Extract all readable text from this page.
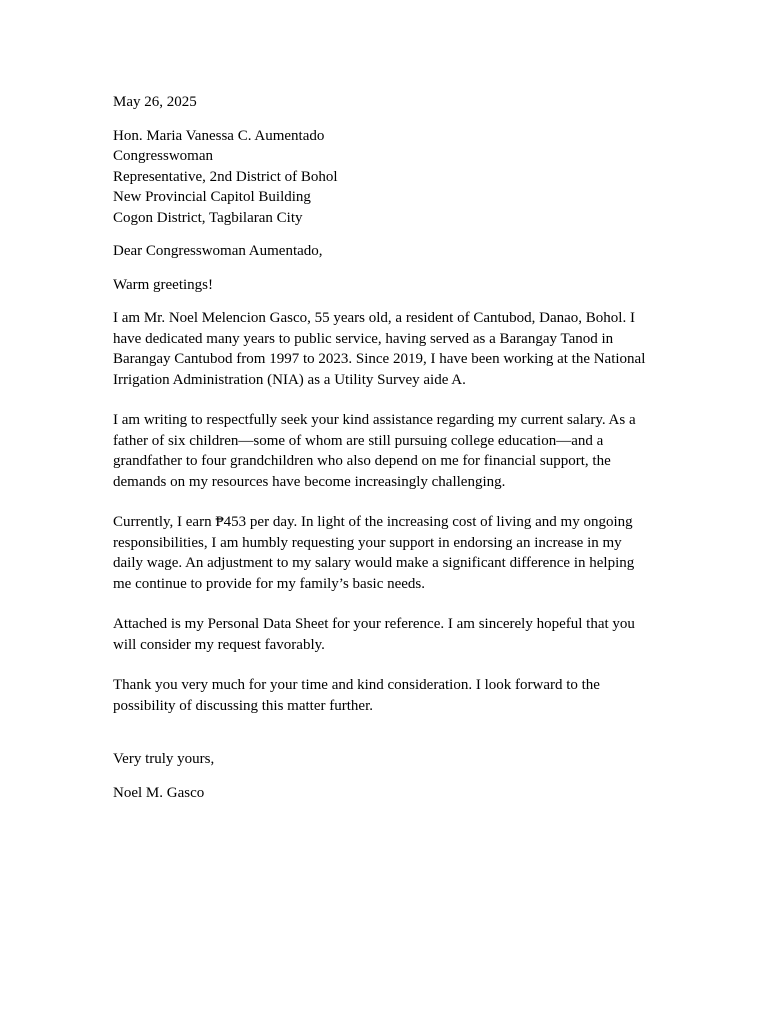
May 26, 2025

Hon. Maria Vanessa C. Aumentado
Congresswoman
Representative, 2nd District of Bohol
New Provincial Capitol Building
Cogon District, Tagbilaran City

Dear Congresswoman Aumentado,

Warm greetings!

I am Mr. Noel Melencion Gasco, 55 years old, a resident of Cantubod, Danao, Bohol. I have dedicated many years to public service, having served as a Barangay Tanod in Barangay Cantubod from 1997 to 2023. Since 2019, I have been working at the National Irrigation Administration (NIA) as a Utility Survey aide A.

I am writing to respectfully seek your kind assistance regarding my current salary. As a father of six children—some of whom are still pursuing college education—and a grandfather to four grandchildren who also depend on me for financial support, the demands on my resources have become increasingly challenging.

Currently, I earn ₱453 per day. In light of the increasing cost of living and my ongoing responsibilities, I am humbly requesting your support in endorsing an increase in my daily wage. An adjustment to my salary would make a significant difference in helping me continue to provide for my family’s basic needs.

Attached is my Personal Data Sheet for your reference. I am sincerely hopeful that you will consider my request favorably.

Thank you very much for your time and kind consideration. I look forward to the possibility of discussing this matter further.

Very truly yours,

Noel M. Gasco
